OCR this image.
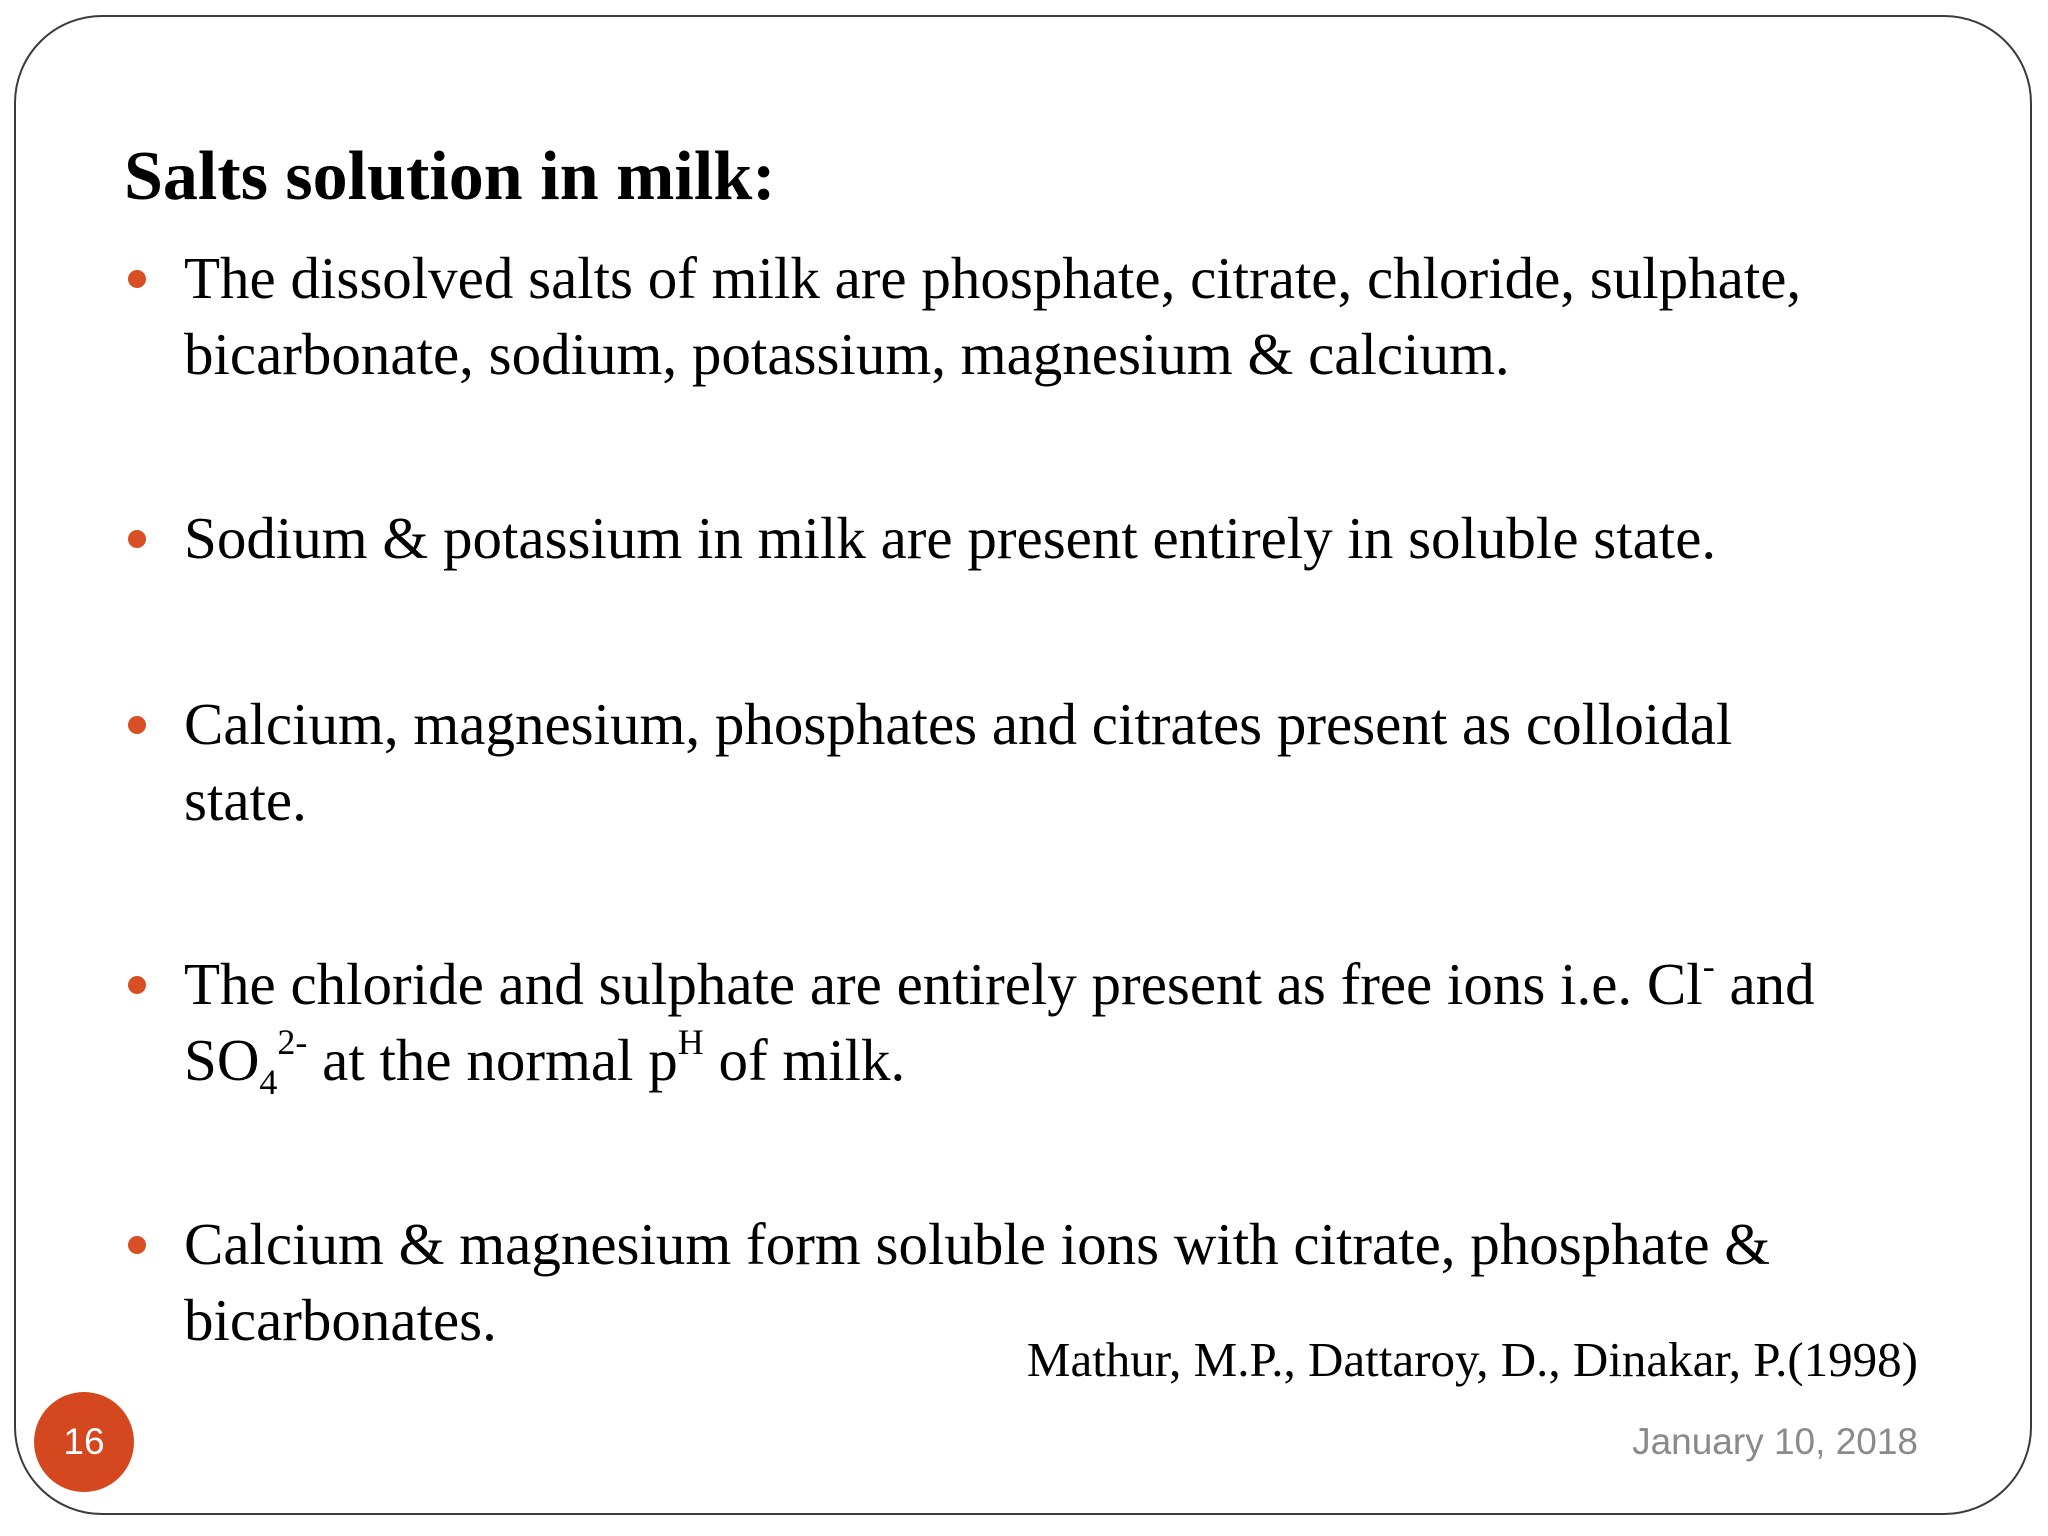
Salts solution in milk:
The dissolved salts of milk are phosphate, citrate, chloride, sulphate,
bicarbonate, sodium, potassium, magnesium & calcium.
Sodium & potassium in milk are present entirely in soluble state.
Calcium, magnesium, phosphates and citrates present as colloidal
state.
The chloride and sulphate are entirely present as free ions i.e. Cl- and
$SO_4^{2-}$ at the normal $p^H$ of milk.
Calcium & magnesium form soluble ions with citrate, phosphate &
bicarbonates.
Mathur, M.P., Dattaroy, D., Dinakar, P.(1998)
January 10, 2018
16
